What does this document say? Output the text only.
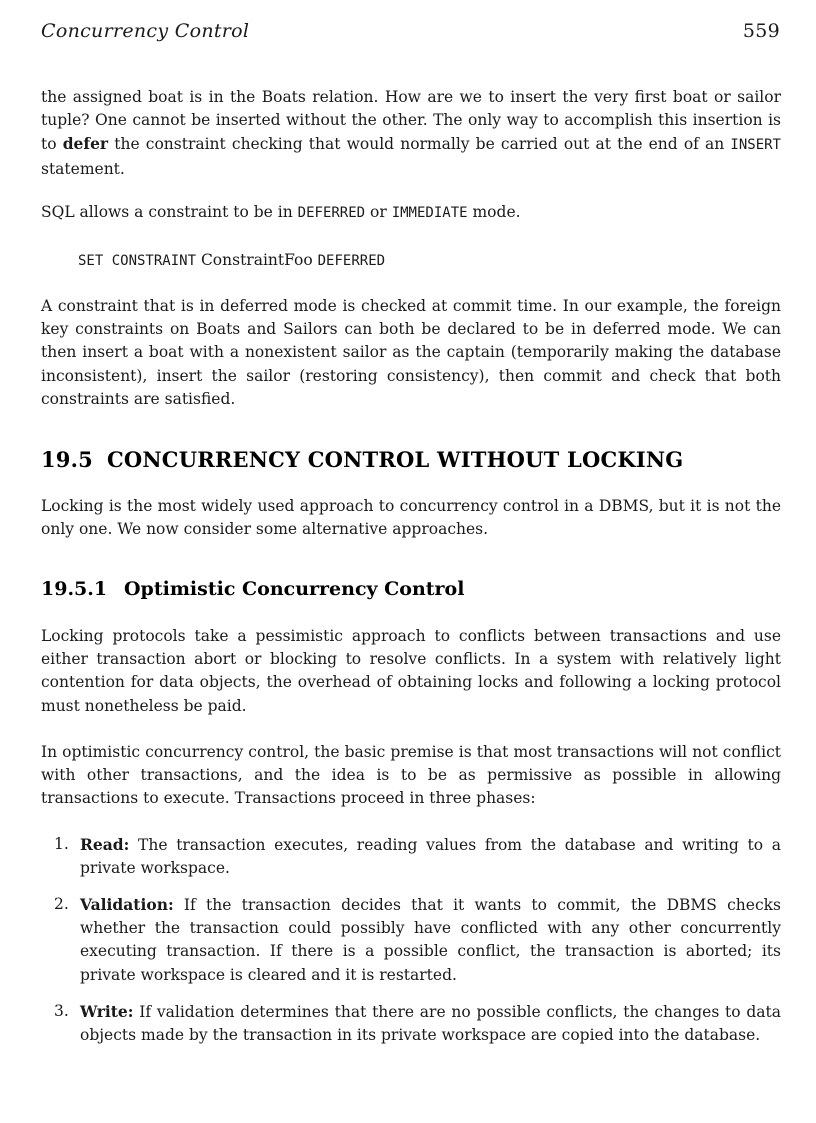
Concurrency Control	559

the assigned boat is in the Boats relation. How are we to insert the very first boat or sailor tuple? One cannot be inserted without the other. The only way to accomplish this insertion is to defer the constraint checking that would normally be carried out at the end of an INSERT statement.

SQL allows a constraint to be in DEFERRED or IMMEDIATE mode.

SET CONSTRAINT ConstraintFoo DEFERRED

A constraint that is in deferred mode is checked at commit time. In our example, the foreign key constraints on Boats and Sailors can both be declared to be in deferred mode. We can then insert a boat with a nonexistent sailor as the captain (temporarily making the database inconsistent), insert the sailor (restoring consistency), then commit and check that both constraints are satisfied.

19.5 CONCURRENCY CONTROL WITHOUT LOCKING

Locking is the most widely used approach to concurrency control in a DBMS, but it is not the only one. We now consider some alternative approaches.

19.5.1 Optimistic Concurrency Control

Locking protocols take a pessimistic approach to conflicts between transactions and use either transaction abort or blocking to resolve conflicts. In a system with relatively light contention for data objects, the overhead of obtaining locks and following a locking protocol must nonetheless be paid.

In optimistic concurrency control, the basic premise is that most transactions will not conflict with other transactions, and the idea is to be as permissive as possible in allowing transactions to execute. Transactions proceed in three phases:

1. Read: The transaction executes, reading values from the database and writing to a private workspace.
2. Validation: If the transaction decides that it wants to commit, the DBMS checks whether the transaction could possibly have conflicted with any other concurrently executing transaction. If there is a possible conflict, the transaction is aborted; its private workspace is cleared and it is restarted.
3. Write: If validation determines that there are no possible conflicts, the changes to data objects made by the transaction in its private workspace are copied into the database.
